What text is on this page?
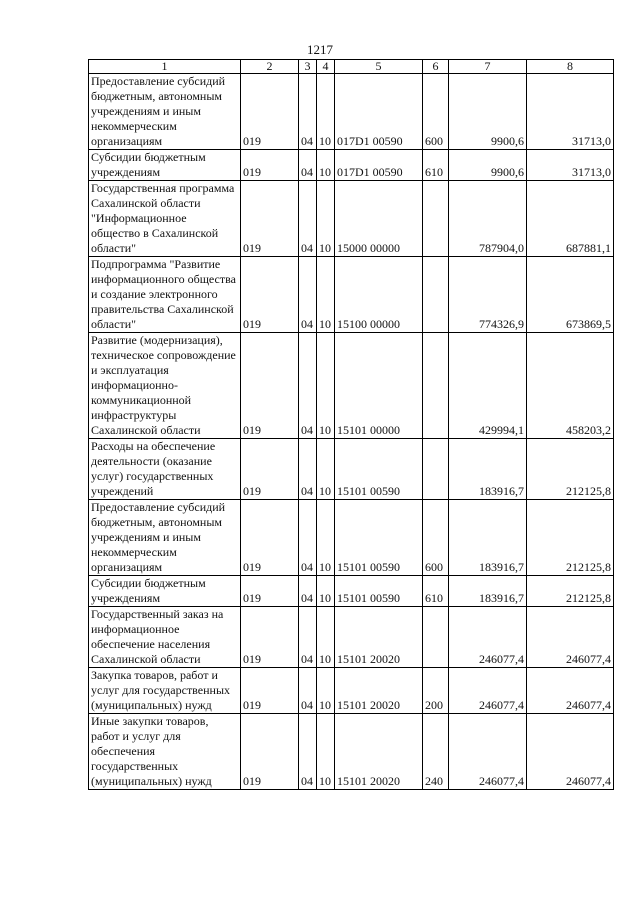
1217
1	2	3	4	5	6	7	8
Предоставление субсидий бюджетным, автономным учреждениям и иным некоммерческим организациям	019	04	10	017D1 00590	600	9900,6	31713,0
Субсидии бюджетным учреждениям	019	04	10	017D1 00590	610	9900,6	31713,0
Государственная программа Сахалинской области "Информационное общество в Сахалинской области"	019	04	10	15000 00000		787904,0	687881,1
Подпрограмма "Развитие информационного общества и создание электронного правительства Сахалинской области"	019	04	10	15100 00000		774326,9	673869,5
Развитие (модернизация), техническое сопровождение и эксплуатация информационно-коммуникационной инфраструктуры Сахалинской области	019	04	10	15101 00000		429994,1	458203,2
Расходы на обеспечение деятельности (оказание услуг) государственных учреждений	019	04	10	15101 00590		183916,7	212125,8
Предоставление субсидий бюджетным, автономным учреждениям и иным некоммерческим организациям	019	04	10	15101 00590	600	183916,7	212125,8
Субсидии бюджетным учреждениям	019	04	10	15101 00590	610	183916,7	212125,8
Государственный заказ на информационное обеспечение населения Сахалинской области	019	04	10	15101 20020		246077,4	246077,4
Закупка товаров, работ и услуг для государственных (муниципальных) нужд	019	04	10	15101 20020	200	246077,4	246077,4
Иные закупки товаров, работ и услуг для обеспечения государственных (муниципальных) нужд	019	04	10	15101 20020	240	246077,4	246077,4
